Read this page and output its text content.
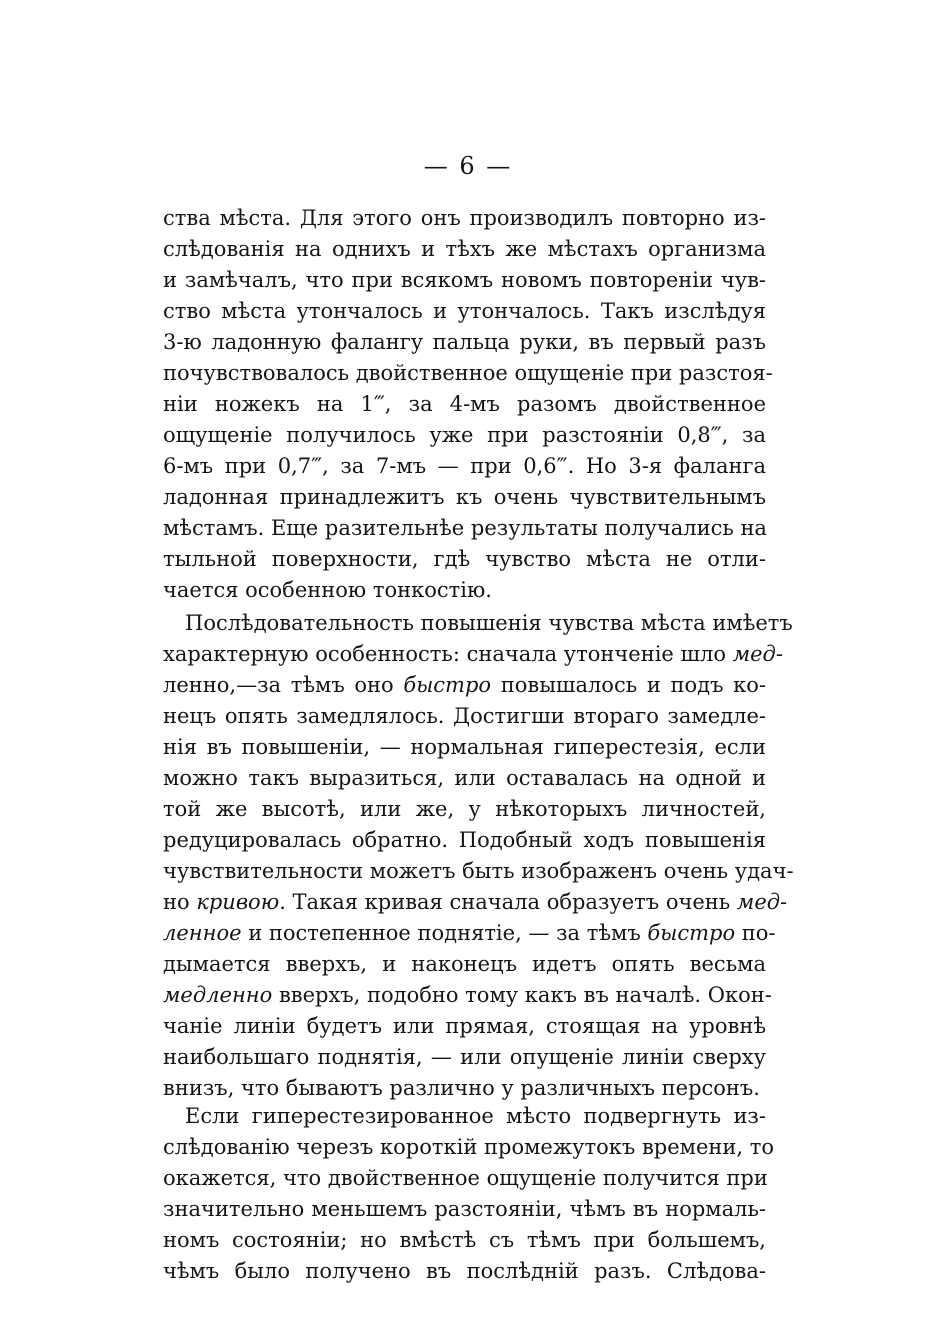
— 6 —
ства мѣста. Для этого онъ производилъ повторно из-
слѣдованія на однихъ и тѣхъ же мѣстахъ организма
и замѣчалъ, что при всякомъ новомъ повтореніи чув-
ство мѣста утончалось и утончалось. Такъ изслѣдуя
3-ю ладонную фалангу пальца руки, въ первый разъ
почувствовалось двойственное ощущеніе при разстоя-
ніи ножекъ на 1‴, за 4-мъ разомъ двойственное
ощущеніе получилось уже при разстояніи 0,8‴, за
6-мъ при 0,7‴, за 7-мъ — при 0,6‴. Но 3-я фаланга
ладонная принадлежитъ къ очень чувствительнымъ
мѣстамъ. Еще разительнѣе результаты получались на
тыльной поверхности, гдѣ чувство мѣста не отли-
чается особенною тонкостію.
Послѣдовательность повышенія чувства мѣста имѣетъ
характерную особенность: сначала утонченіе шло мед-
ленно,—за тѣмъ оно быстро повышалось и подъ ко-
нецъ опять замедлялось. Достигши втораго замедле-
нія въ повышеніи, — нормальная гиперестезія, если
можно такъ выразиться, или оставалась на одной и
той же высотѣ, или же, у нѣкоторыхъ личностей,
редуцировалась обратно. Подобный ходъ повышенія
чувствительности можетъ быть изображенъ очень удач-
но кривою. Такая кривая сначала образуетъ очень мед-
ленное и постепенное поднятіе, — за тѣмъ быстро по-
дымается вверхъ, и наконецъ идетъ опять весьма
медленно вверхъ, подобно тому какъ въ началѣ. Окон-
чаніе линіи будетъ или прямая, стоящая на уровнѣ
наибольшаго поднятія, — или опущеніе линіи сверху
внизъ, что бываютъ различно у различныхъ персонъ.
Если гиперестезированное мѣсто подвергнуть из-
слѣдованію черезъ короткій промежутокъ времени, то
окажется, что двойственное ощущеніе получится при
значительно меньшемъ разстояніи, чѣмъ въ нормаль-
номъ состояніи; но вмѣстѣ съ тѣмъ при большемъ,
чѣмъ было получено въ послѣдній разъ. Слѣдова-
